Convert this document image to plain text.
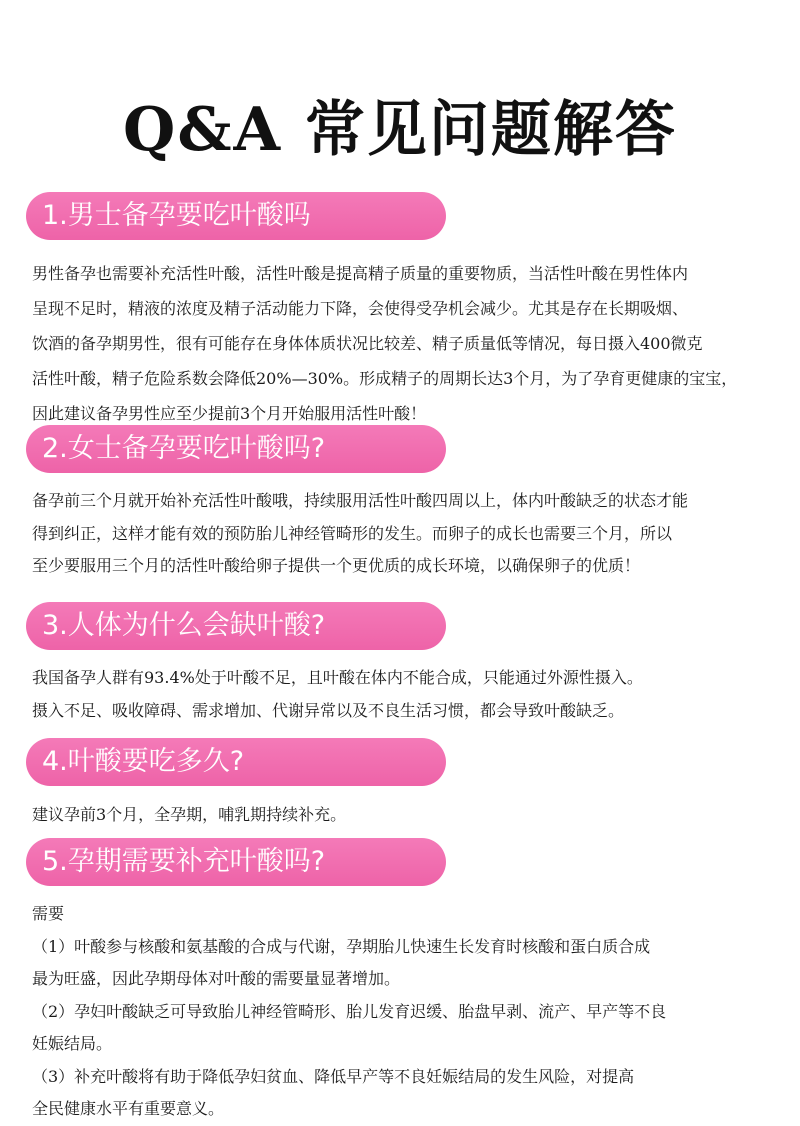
Q&A 常见问题解答
1.男士备孕要吃叶酸吗
男性备孕也需要补充活性叶酸，活性叶酸是提高精子质量的重要物质，当活性叶酸在男性体内
呈现不足时，精液的浓度及精子活动能力下降，会使得受孕机会减少。尤其是存在长期吸烟、
饮酒的备孕期男性，很有可能存在身体体质状况比较差、精子质量低等情况，每日摄入400微克
活性叶酸，精子危险系数会降低20%—30%。形成精子的周期长达3个月，为了孕育更健康的宝宝，
因此建议备孕男性应至少提前3个月开始服用活性叶酸！
2.女士备孕要吃叶酸吗?
备孕前三个月就开始补充活性叶酸哦，持续服用活性叶酸四周以上，体内叶酸缺乏的状态才能
得到纠正，这样才能有效的预防胎儿神经管畸形的发生。而卵子的成长也需要三个月，所以
至少要服用三个月的活性叶酸给卵子提供一个更优质的成长环境，以确保卵子的优质！
3.人体为什么会缺叶酸?
我国备孕人群有93.4%处于叶酸不足，且叶酸在体内不能合成，只能通过外源性摄入。
摄入不足、吸收障碍、需求增加、代谢异常以及不良生活习惯，都会导致叶酸缺乏。
4.叶酸要吃多久?
建议孕前3个月，全孕期，哺乳期持续补充。
5.孕期需要补充叶酸吗?
需要
（1）叶酸参与核酸和氨基酸的合成与代谢，孕期胎儿快速生长发育时核酸和蛋白质合成
最为旺盛，因此孕期母体对叶酸的需要量显著增加。
（2）孕妇叶酸缺乏可导致胎儿神经管畸形、胎儿发育迟缓、胎盘早剥、流产、早产等不良
妊娠结局。
（3）补充叶酸将有助于降低孕妇贫血、降低早产等不良妊娠结局的发生风险，对提高
全民健康水平有重要意义。
